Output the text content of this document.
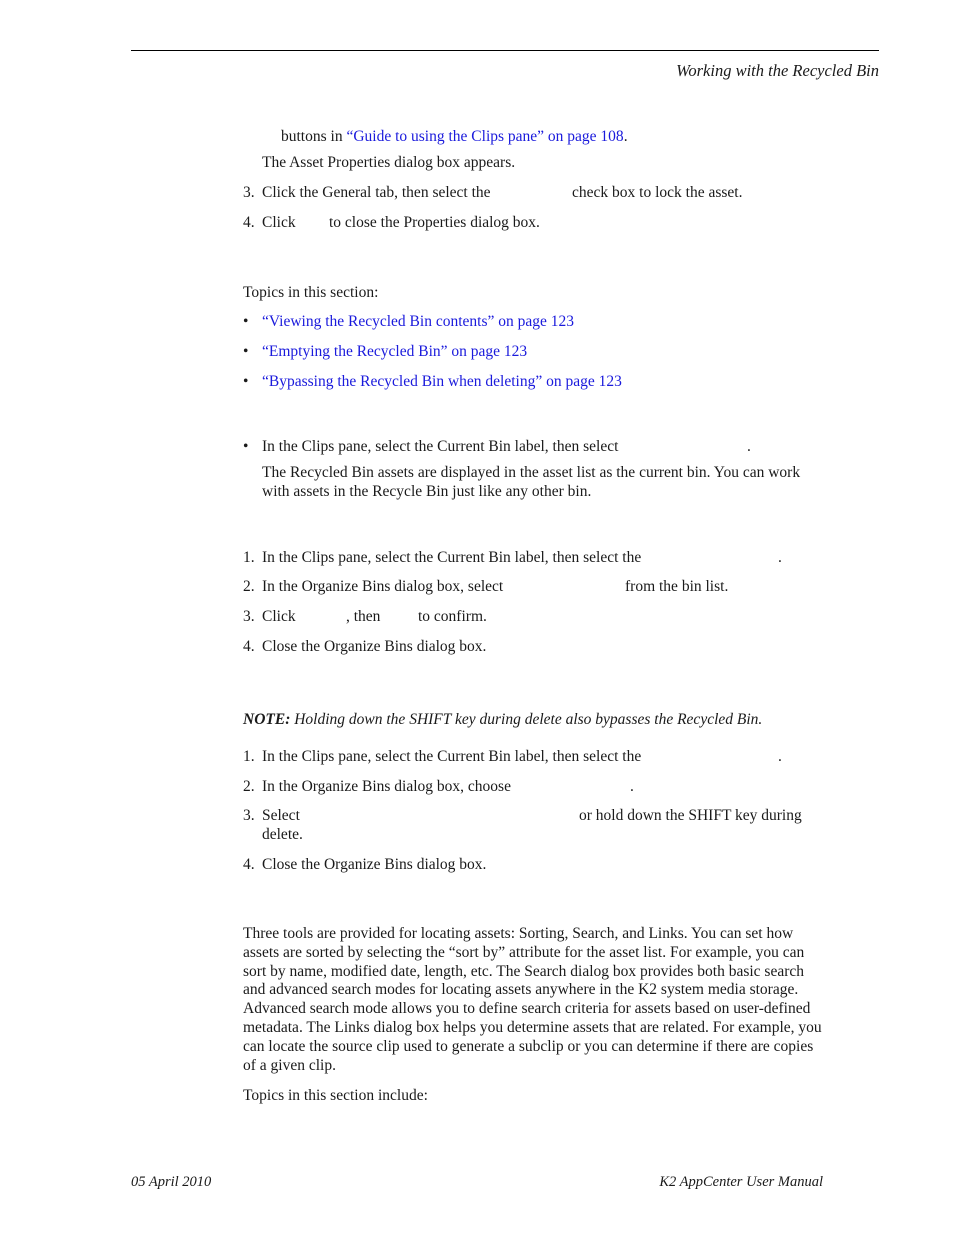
Working with the Recycled Bin
buttons in “Guide to using the Clips pane” on page 108.
The Asset Properties dialog box appears.
3. Click the General tab, then select the	check box to lock the asset.
4. Click to close the Properties dialog box.
Topics in this section:
• “Viewing the Recycled Bin contents” on page 123
• “Emptying the Recycled Bin” on page 123
• “Bypassing the Recycled Bin when deleting” on page 123
• In the Clips pane, select the Current Bin label, then select	.
The Recycled Bin assets are displayed in the asset list as the current bin. You can work with assets in the Recycle Bin just like any other bin.
1. In the Clips pane, select the Current Bin label, then select the	.
2. In the Organize Bins dialog box, select	from the bin list.
3. Click	, then to confirm.
4. Close the Organize Bins dialog box.
NOTE: Holding down the SHIFT key during delete also bypasses the Recycled Bin.
1. In the Clips pane, select the Current Bin label, then select the	.
2. In the Organize Bins dialog box, choose	.
3. Select	or hold down the SHIFT key during
delete.
4. Close the Organize Bins dialog box.
Three tools are provided for locating assets: Sorting, Search, and Links. You can set how assets are sorted by selecting the “sort by” attribute for the asset list. For example, you can sort by name, modified date, length, etc. The Search dialog box provides both basic search and advanced search modes for locating assets anywhere in the K2 system media storage. Advanced search mode allows you to define search criteria for assets based on user-defined metadata. The Links dialog box helps you determine assets that are related. For example, you can locate the source clip used to generate a subclip or you can determine if there are copies of a given clip.
Topics in this section include:
05 April 2010	K2 AppCenter User Manual
